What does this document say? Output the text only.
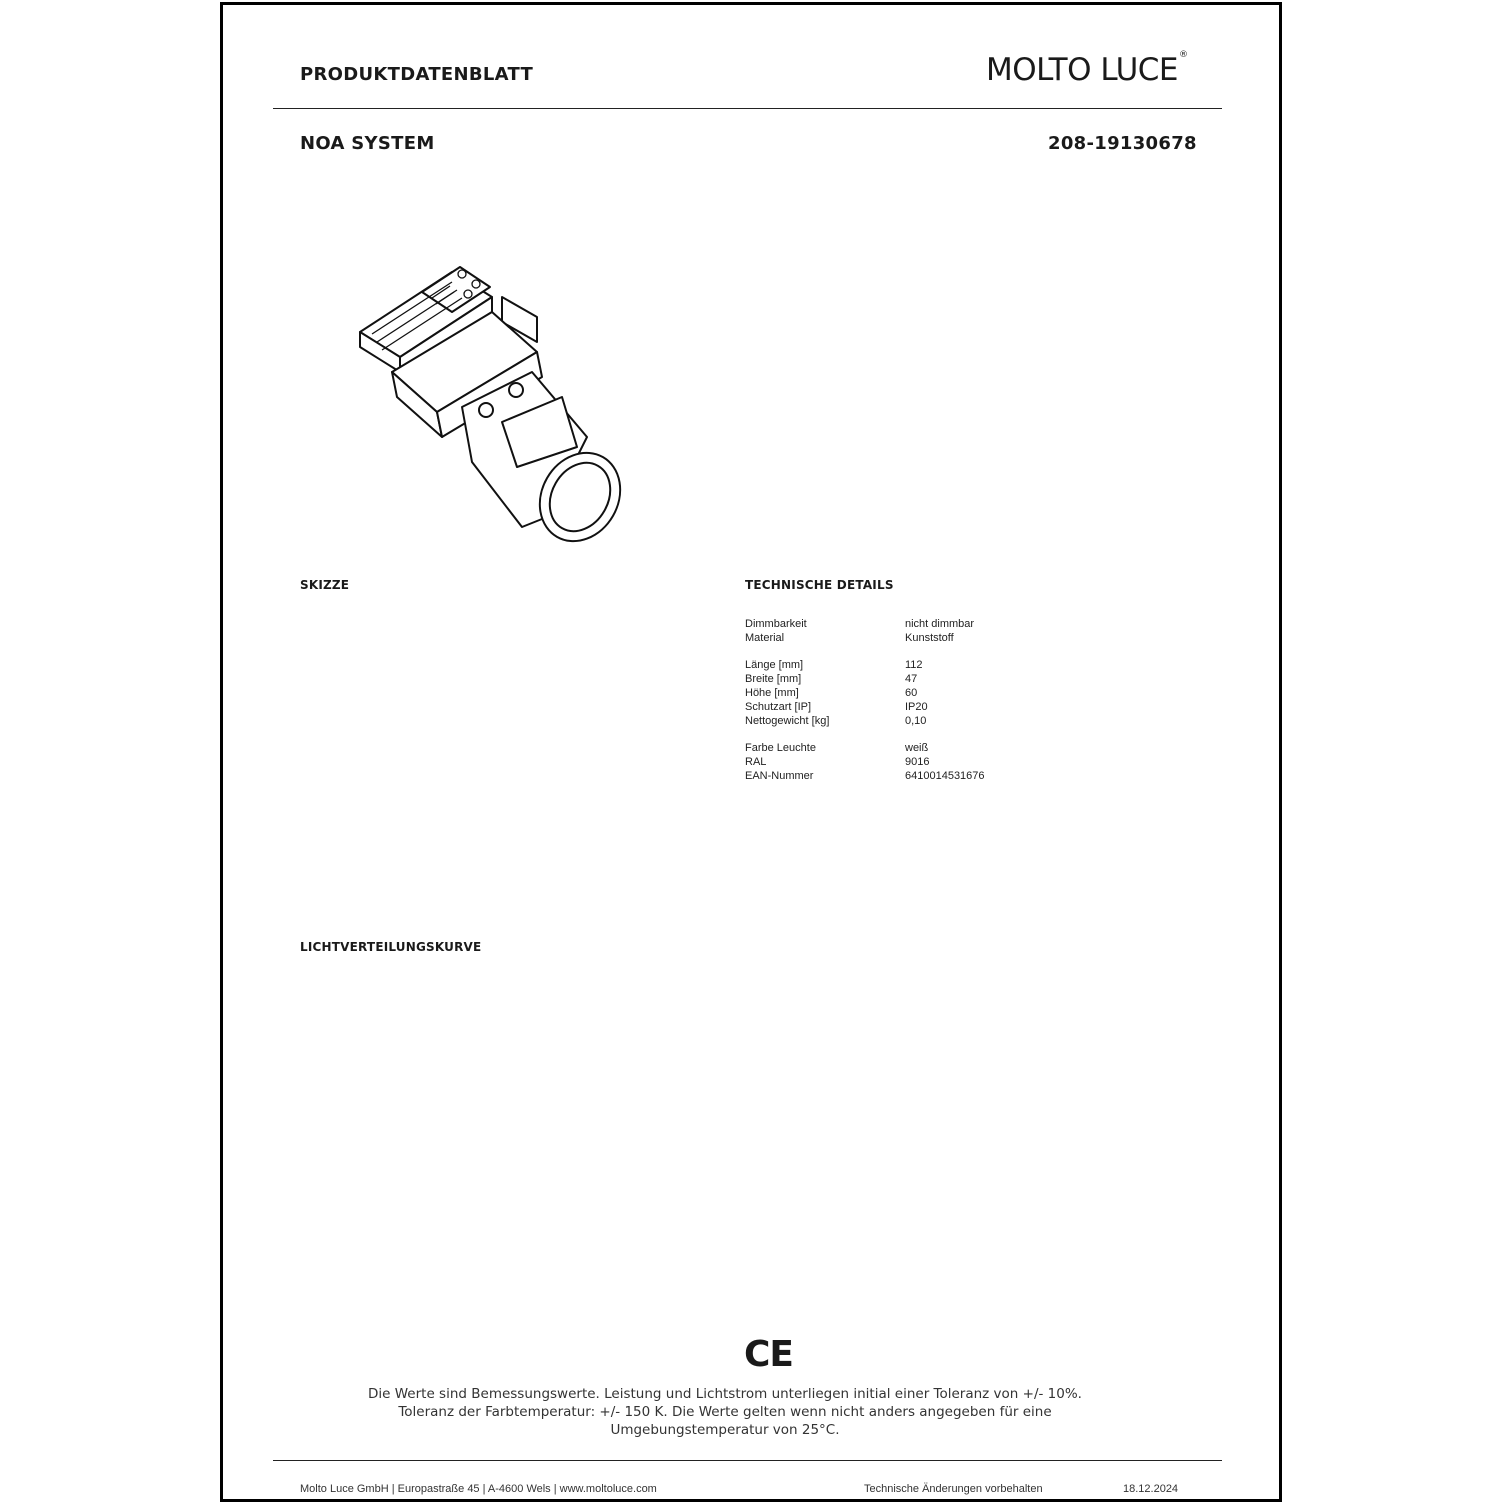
PRODUKTDATENBLATT	MOLTO LUCE®
NOA SYSTEM	208-19130678
SKIZZE	TECHNISCHE DETAILS
Dimmbarkeit	nicht dimmbar
Material	Kunststoff
Länge [mm]	112
Breite [mm]	47
Höhe [mm]	60
Schutzart [IP]	IP20
Nettogewicht [kg]	0,10
Farbe Leuchte	weiß
RAL	9016
EAN-Nummer	6410014531676
LICHTVERTEILUNGSKURVE
CE
Die Werte sind Bemessungswerte. Leistung und Lichtstrom unterliegen initial einer Toleranz von +/- 10%.
Toleranz der Farbtemperatur: +/- 150 K. Die Werte gelten wenn nicht anders angegeben für eine
Umgebungstemperatur von 25°C.
Molto Luce GmbH | Europastraße 45 | A-4600 Wels | www.moltoluce.com	Technische Änderungen vorbehalten	18.12.2024
